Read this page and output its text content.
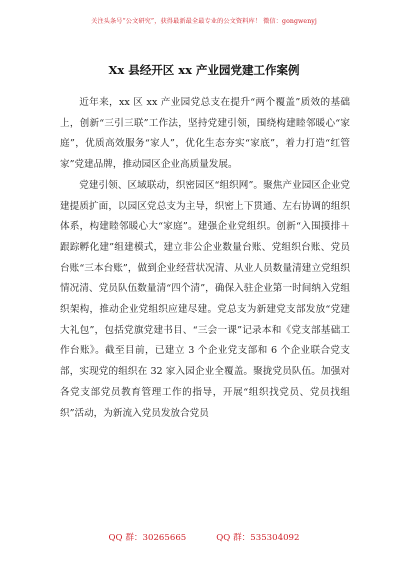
关注头条号“公文研究”，获得最新最全最专业的公文资料库！ 微信：gongwenyj
Xx 县经开区 xx 产业园党建工作案例

近年来，xx 区 xx 产业园党总支在提升“两个覆盖”质效的基础上，创新“三引三联”工作法，坚持党建引领，围绕构建睦邻暖心“家庭”，优质高效服务“家人”，优化生态夯实“家底”，着力打造“红管家”党建品牌，推动园区企业高质量发展。

党建引领、区域联动，织密园区“组织网”。聚焦产业园区企业党建提质扩面，以园区党总支为主导，织密上下贯通、左右协调的组织体系，构建睦邻暖心大“家庭”。建强企业党组织。创新“入围摸排＋跟踪孵化建”组建模式，建立非公企业数量台账、党组织台账、党员台账“三本台账”，做到企业经营状况清、从业人员数量清建立党组织情况清、党员队伍数量清“四个清”，确保入驻企业第一时间纳入党组织架构，推动企业党组织应建尽建。党总支为新建党支部发放“党建大礼包”，包括党旗党建书目、“三会一课”记录本和《党支部基础工作台账》。截至目前，已建立 3 个企业党支部和 6 个企业联合党支部，实现党的组织在 32 家入园企业全覆盖。聚拢党员队伍。加强对各党支部党员教育管理工作的指导，开展“组织找党员、党员找组织”活动，为新流入党员发放合党员

QQ 群：30265665	QQ 群：535304092
